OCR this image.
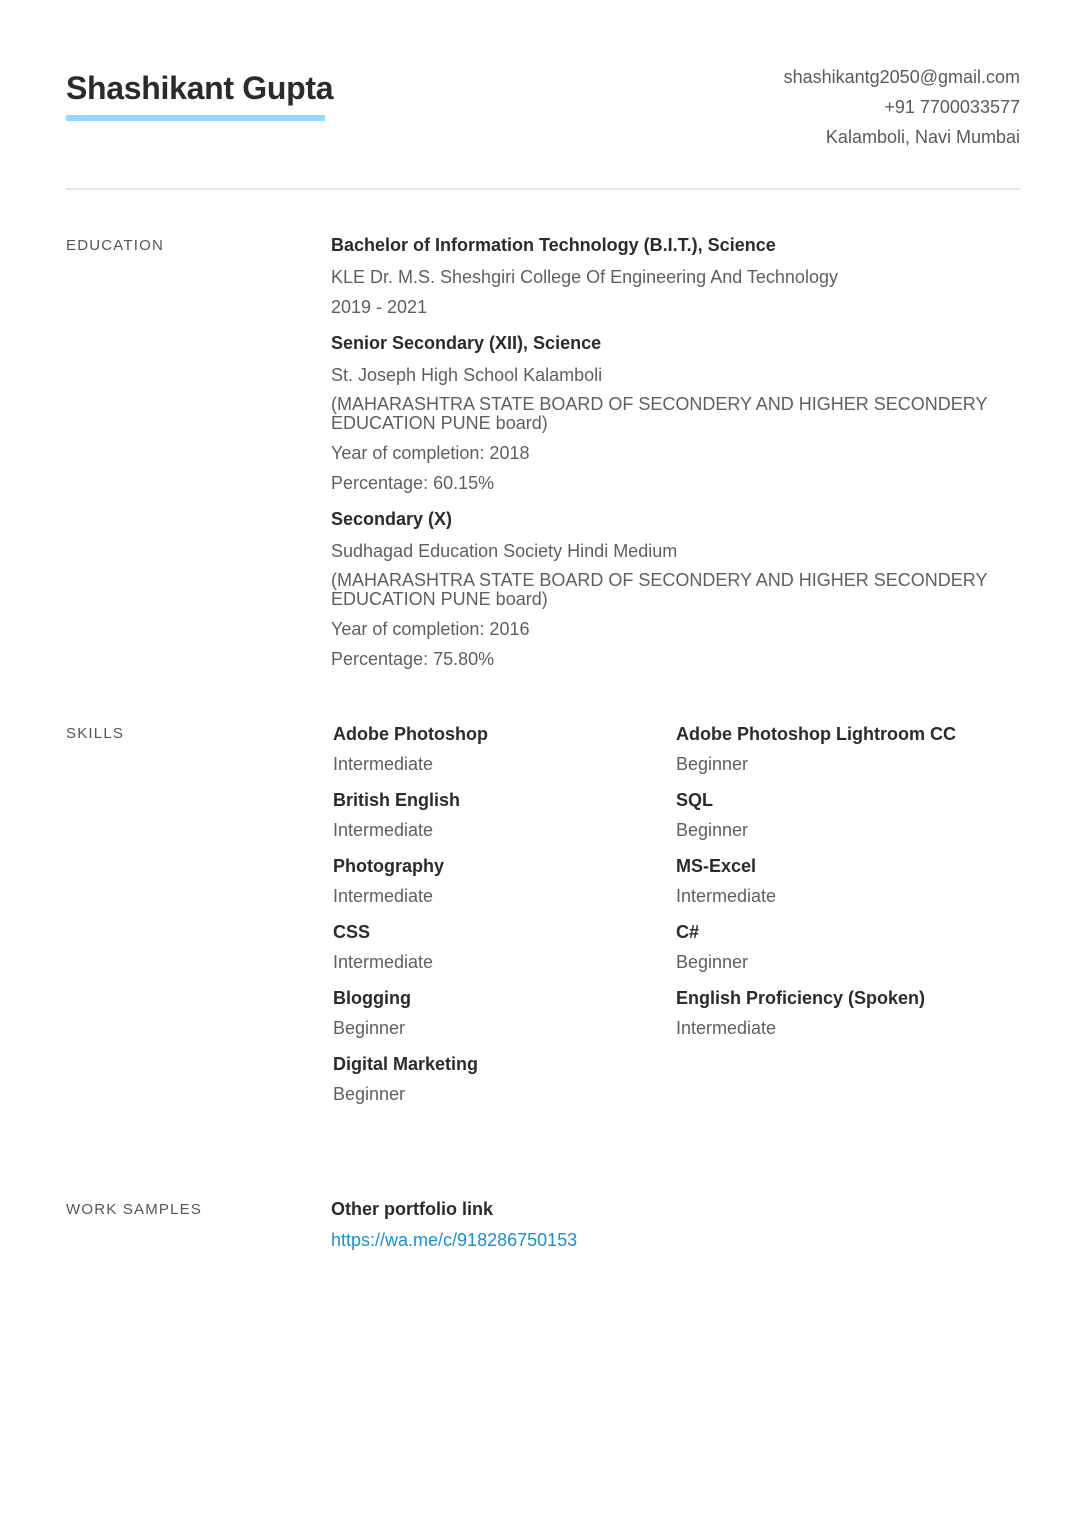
Shashikant Gupta	shashikantg2050@gmail.com
+91 7700033577
Kalamboli, Navi Mumbai
EDUCATION	Bachelor of Information Technology (B.I.T.), Science
KLE Dr. M.S. Sheshgiri College Of Engineering And Technology
2019 - 2021
Senior Secondary (XII), Science
St. Joseph High School Kalamboli
(MAHARASHTRA STATE BOARD OF SECONDERY AND HIGHER SECONDERY EDUCATION PUNE board)
Year of completion: 2018
Percentage: 60.15%
Secondary (X)
Sudhagad Education Society Hindi Medium
(MAHARASHTRA STATE BOARD OF SECONDERY AND HIGHER SECONDERY EDUCATION PUNE board)
Year of completion: 2016
Percentage: 75.80%
SKILLS	Adobe Photoshop
Intermediate
Adobe Photoshop Lightroom CC
Beginner
British English
Intermediate
SQL
Beginner
Photography
Intermediate
MS-Excel
Intermediate
CSS
Intermediate
C#
Beginner
Blogging
Beginner
English Proficiency (Spoken)
Intermediate
Digital Marketing
Beginner
WORK SAMPLES	Other portfolio link
https://wa.me/c/918286750153
